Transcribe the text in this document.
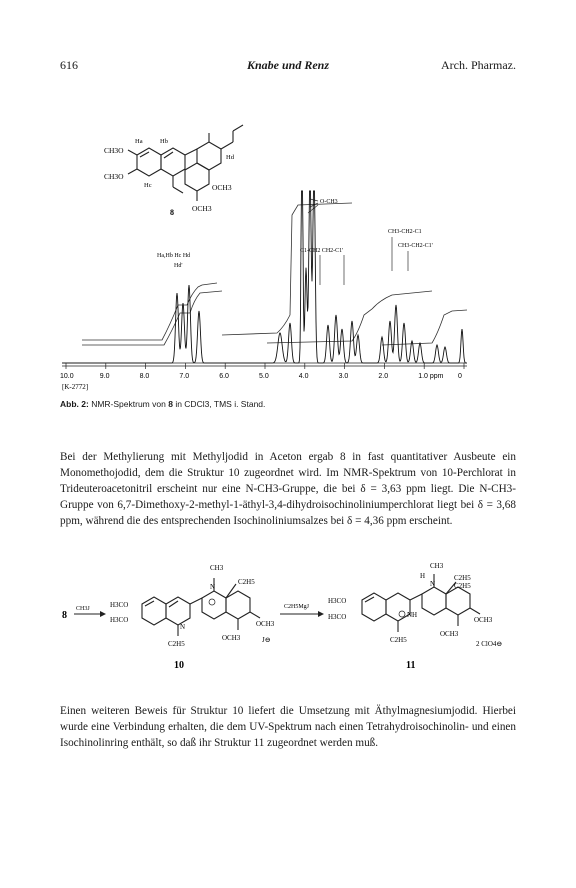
616	Knabe und Renz	Arch. Pharmaz.
CH3O
CH3O
OCH3
OCH3
Ha	Hb
Hc
Hd
8
Ha,Hb Hc Hd
Hd'
O-CH3
C1-CH2 CH2-C1'
CH3-CH2-C1
CH3-CH2-C1'
10.0	9.0	8.0	7.0	6.0	5.0	4.0	3.0	2.0	1.0 ppm 0
[K-2772]
Abb. 2: NMR-Spektrum von 8 in CDCl3, TMS i. Stand.

Bei der Methylierung mit Methyljodid in Aceton ergab 8 in fast quantitativer Ausbeute ein Monomethojodid, dem die Struktur 10 zugeordnet wird. Im NMR-Spektrum von 10-Perchlorat in Trideuteroacetonitril erscheint nur eine N-CH3-Gruppe, die bei δ = 3,63 ppm liegt. Die N-CH3-Gruppe von 6,7-Dimethoxy-2-methyl-1-äthyl-3,4-dihydroisochinoliniumperchlorat liegt bei δ = 3,68 ppm, während die des entsprechenden Isochinoliniumsalzes bei δ = 4,36 ppm erscheint.

8
CH3J
CH3
N
C2H5
H3CO
H3CO
N
C2H5
OCH3
OCH3	J⊖
10
C2H5MgJ
CH3
H
N
C2H5
C2H5
H3CO
H3CO	NH
C2H5
OCH3
OCH3
2 ClO4⊖
11

Einen weiteren Beweis für Struktur 10 liefert die Umsetzung mit Äthylmagnesiumjodid. Hierbei wurde eine Verbindung erhalten, die dem UV-Spektrum nach einen Tetrahydroisochinolin- und einen Isochinolinring enthält, so daß ihr Struktur 11 zugeordnet werden muß.
